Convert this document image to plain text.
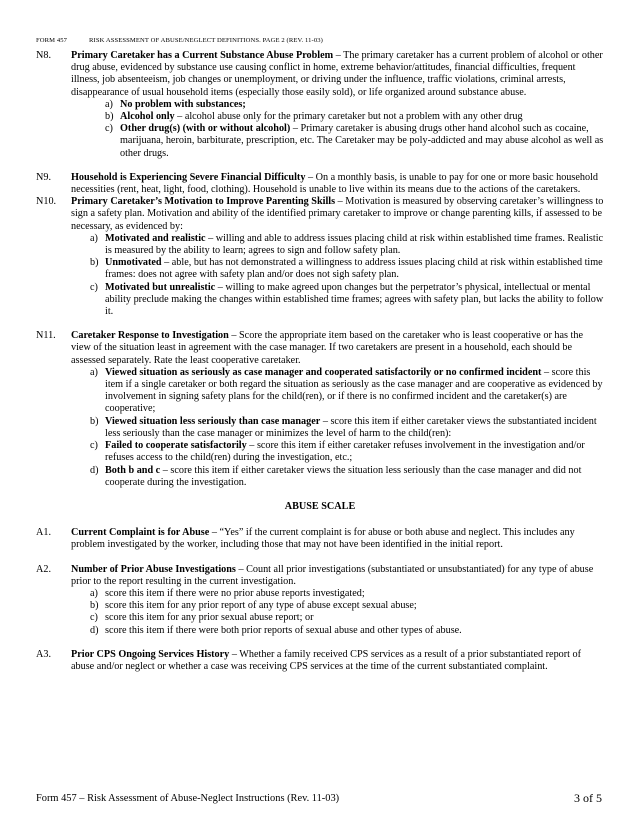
FORM 457	RISK ASSESSMENT OF ABUSE/NEGLECT DEFINITIONS. PAGE 2 (REV. 11-03)
N8. Primary Caretaker has a Current Substance Abuse Problem – The primary caretaker has a current problem of alcohol or other drug abuse, evidenced by substance use causing conflict in home, extreme behavior/attitudes, financial difficulties, frequent illness, job absenteeism, job changes or unemployment, or driving under the influence, traffic violations, criminal arrests, disappearance of usual household items (especially those easily sold), or life organized around substance abuse.
a) No problem with substances;
b) Alcohol only – alcohol abuse only for the primary caretaker but not a problem with any other drug
c) Other drug(s) (with or without alcohol) – Primary caretaker is abusing drugs other hand alcohol such as cocaine, marijuana, heroin, barbiturate, prescription, etc. The Caretaker may be poly-addicted and may abuse alcohol as well as other drugs.
N9. Household is Experiencing Severe Financial Difficulty – On a monthly basis, is unable to pay for one or more basic household necessities (rent, heat, light, food, clothing). Household is unable to live within its means due to the actions of the caretakers.
N10. Primary Caretaker’s Motivation to Improve Parenting Skills – Motivation is measured by observing caretaker’s willingness to sign a safety plan. Motivation and ability of the identified primary caretaker to improve or change parenting kills, if assessed to be necessary, as evidenced by:
a) Motivated and realistic – willing and able to address issues placing child at risk within established time frames. Realistic is measured by the ability to learn; agrees to sign and follow safety plan.
b) Unmotivated – able, but has not demonstrated a willingness to address issues placing child at risk within established time frames: does not agree with safety plan and/or does not sigh safety plan.
c) Motivated but unrealistic – willing to make agreed upon changes but the perpetrator’s physical, intellectual or mental ability preclude making the changes within established time frames; agrees with safety plan, but lacks the ability to follow it.
N11. Caretaker Response to Investigation – Score the appropriate item based on the caretaker who is least cooperative or has the view of the situation least in agreement with the case manager. If two caretakers are present in a household, each should be assessed separately. Rate the least cooperative caretaker.
a) Viewed situation as seriously as case manager and cooperated satisfactorily or no confirmed incident – score this item if a single caretaker or both regard the situation as seriously as the case manager and are cooperative as evidenced by involvement in signing safety plans for the child(ren), or if there is no confirmed incident and the caretaker(s) are cooperative;
b) Viewed situation less seriously than case manager – score this item if either caretaker views the substantiated incident less seriously than the case manager or minimizes the level of harm to the child(ren):
c) Failed to cooperate satisfactorily – score this item if either caretaker refuses involvement in the investigation and/or refuses access to the child(ren) during the investigation, etc.;
d) Both b and c – score this item if either caretaker views the situation less seriously than the case manager and did not cooperate during the investigation.
ABUSE SCALE
A1. Current Complaint is for Abuse – “Yes” if the current complaint is for abuse or both abuse and neglect. This includes any problem investigated by the worker, including those that may not have been identified in the initial report.
A2. Number of Prior Abuse Investigations – Count all prior investigations (substantiated or unsubstantiated) for any type of abuse prior to the report resulting in the current investigation.
a) score this item if there were no prior abuse reports investigated;
b) score this item for any prior report of any type of abuse except sexual abuse;
c) score this item for any prior sexual abuse report; or
d) score this item if there were both prior reports of sexual abuse and other types of abuse.
A3. Prior CPS Ongoing Services History – Whether a family received CPS services as a result of a prior substantiated report of abuse and/or neglect or whether a case was receiving CPS services at the time of the current substantiated complaint.
Form 457 – Risk Assessment of Abuse-Neglect Instructions (Rev. 11-03)	3 of 5
